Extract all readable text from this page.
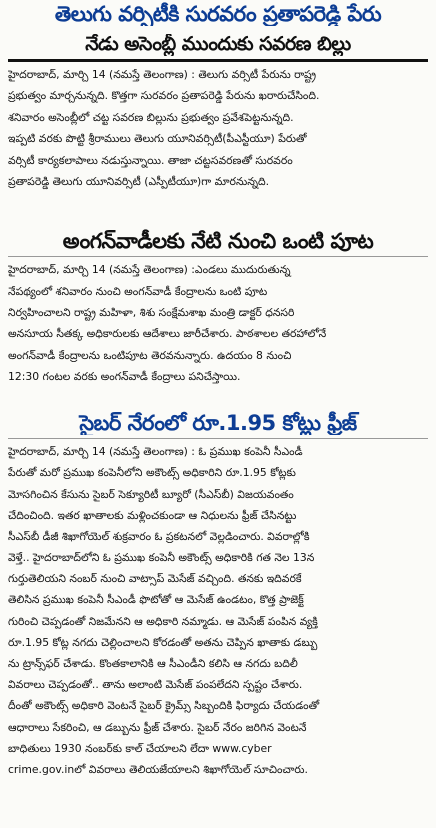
తెలుగు వర్సిటీకి సురవరం ప్రతాపరెడ్డి పేరు
నేడు అసెంబ్లీ ముందుకు సవరణ బిల్లు
హైదరాబాద్, మార్చి 14 (నమస్తే తెలంగాణ) : తెలుగు వర్సిటీ పేరును రాష్ట్ర
ప్రభుత్వం మార్చనున్నది. కొత్తగా సురవరం ప్రతాపరెడ్డి పేరును ఖరారుచేసింది.
శనివారం అసెంబ్లీలో చట్ట సవరణ బిల్లును ప్రభుత్వం ప్రవేశపెట్టనున్నది.
ఇప్పటి వరకు పొట్టి శ్రీరాములు తెలుగు యూనివర్సిటీ(పీఎస్టీయూ) పేరుతో
వర్సిటీ కార్యకలాపాలు నడుస్తున్నాయి. తాజా చట్టసవరణతో సురవరం
ప్రతాపరెడ్డి తెలుగు యూనివర్సిటీ (ఎస్పీటీయూ)గా మారనున్నది.
అంగన్‌వాడీలకు నేటి నుంచి ఒంటి పూట
హైదరాబాద్, మార్చి 14 (నమస్తే తెలంగాణ) :ఎండలు ముదురుతున్న
నేపథ్యంలో శనివారం నుంచి అంగన్‌వాడీ కేంద్రాలను ఒంటి పూట
నిర్వహించాలని రాష్ట్ర మహిళా, శిశు సంక్షేమశాఖ మంత్రి డాక్టర్ ధనసరి
అనసూయ సీతక్క అధికారులకు ఆదేశాలు జారీచేశారు. పాఠశాలల తరహాలోనే
అంగన్‌వాడీ కేంద్రాలను ఒంటిపూట తెరవనున్నారు. ఉదయం 8 నుంచి
12:30 గంటల వరకు అంగన్‌వాడీ కేంద్రాలు పనిచేస్తాయి.
సైబర్ నేరంలో రూ.1.95 కోట్లు ఫ్రీజ్
హైదరాబాద్, మార్చి 14 (నమస్తే తెలంగాణ) : ఓ ప్రముఖ కంపెనీ సీఎండీ
పేరుతో మరో ప్రముఖ కంపెనీలోని అకౌంట్స్ అధికారిని రూ.1.95 కోట్లకు
మోసగించిన కేసును సైబర్ సెక్యూరిటీ బ్యూరో (సీఎస్‌బీ) విజయవంతం
చేదించింది. ఇతర ఖాతాలకు మళ్లించకుండా ఆ నిధులను ఫ్రీజ్ చేసినట్టు
సీఎస్‌బీ డీజీ శిఖాగోయెల్ శుక్రవారం ఓ ప్రకటనలో వెల్లడించారు. వివరాల్లోకి
వెళ్తే.. హైదరాబాద్‌లోని ఓ ప్రముఖ కంపెనీ అకౌంట్స్ అధికారికి గత నెల 13న
గుర్తుతెలియని నంబర్ నుంచి వాట్సాప్ మెసేజ్ వచ్చింది. తనకు ఇదివరకే
తెలిసిన ప్రముఖ కంపెనీ సీఎండీ ఫొటోతో ఆ మెసేజ్ ఉండటం, కొత్త ప్రాజెక్ట్
గురించి చెప్పడంతో నిజమేనని ఆ అధికారి నమ్మాడు. ఆ మెసేజ్ పంపిన వ్యక్తి
రూ.1.95 కోట్ల నగదు చెల్లించాలని కోరడంతో అతను చెప్పిన ఖాతాకు డబ్బు
ను ట్రాన్స్‌ఫర్ చేశాడు. కొంతకాలానికి ఆ సీఎండీని కలిసి ఆ నగదు బదిలీ
వివరాలు చెప్పడంతో.. తాను అలాంటి మెసేజ్ పంపలేదని స్పష్టం చేశారు.
దీంతో అకౌంట్స్ అధికారి వెంటనే సైబర్ క్రైమ్స్ సిబ్బందికి ఫిర్యాదు చేయడంతో
ఆధారాలు సేకరించి, ఆ డబ్బును ఫ్రీజ్ చేశారు. సైబర్ నేరం జరిగిన వెంటనే
బాధితులు 1930 నంబర్‌కు కాల్ చేయాలని లేదా www.cyber
crime.gov.inలో వివరాలు తెలియజేయాలని శిఖాగోయెల్ సూచించారు.
